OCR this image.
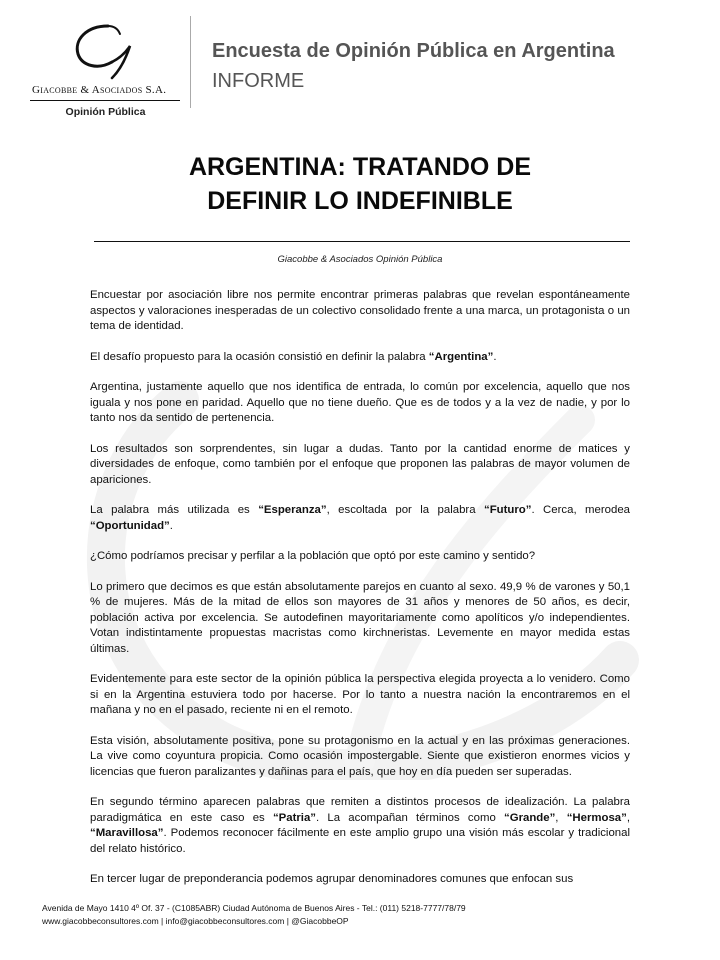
Giacobbe & Asociados S.A.
Opinión Pública
Encuesta de Opinión Pública en Argentina
INFORME
ARGENTINA: TRATANDO DE
DEFINIR LO INDEFINIBLE
Giacobbe & Asociados Opinión Pública

Encuestar por asociación libre nos permite encontrar primeras palabras que revelan espontáneamente aspectos y valoraciones inesperadas de un colectivo consolidado frente a una marca, un protagonista o un tema de identidad.

El desafío propuesto para la ocasión consistió en definir la palabra “Argentina”.

Argentina, justamente aquello que nos identifica de entrada, lo común por excelencia, aquello que nos iguala y nos pone en paridad. Aquello que no tiene dueño. Que es de todos y a la vez de nadie, y por lo tanto nos da sentido de pertenencia.

Los resultados son sorprendentes, sin lugar a dudas. Tanto por la cantidad enorme de matices y diversidades de enfoque, como también por el enfoque que proponen las palabras de mayor volumen de apariciones.

La palabra más utilizada es “Esperanza”, escoltada por la palabra “Futuro”. Cerca, merodea “Oportunidad”.

¿Cómo podríamos precisar y perfilar a la población que optó por este camino y sentido?

Lo primero que decimos es que están absolutamente parejos en cuanto al sexo. 49,9 % de varones y 50,1 % de mujeres. Más de la mitad de ellos son mayores de 31 años y menores de 50 años, es decir, población activa por excelencia. Se autodefinen mayoritariamente como apolíticos y/o independientes. Votan indistintamente propuestas macristas como kirchneristas. Levemente en mayor medida estas últimas.

Evidentemente para este sector de la opinión pública la perspectiva elegida proyecta a lo venidero. Como si en la Argentina estuviera todo por hacerse. Por lo tanto a nuestra nación la encontraremos en el mañana y no en el pasado, reciente ni en el remoto.

Esta visión, absolutamente positiva, pone su protagonismo en la actual y en las próximas generaciones. La vive como coyuntura propicia. Como ocasión impostergable. Siente que existieron enormes vicios y licencias que fueron paralizantes y dañinas para el país, que hoy en día pueden ser superadas.

En segundo término aparecen palabras que remiten a distintos procesos de idealización. La palabra paradigmática en este caso es “Patria”. La acompañan términos como “Grande”, “Hermosa”, “Maravillosa”. Podemos reconocer fácilmente en este amplio grupo una visión más escolar y tradicional del relato histórico.

En tercer lugar de preponderancia podemos agrupar denominadores comunes que enfocan sus

Avenida de Mayo 1410 4º Of. 37 - (C1085ABR) Ciudad Autónoma de Buenos Aires - Tel.: (011) 5218-7777/78/79
www.giacobbeconsultores.com | info@giacobbeconsultores.com | @GiacobbeOP
